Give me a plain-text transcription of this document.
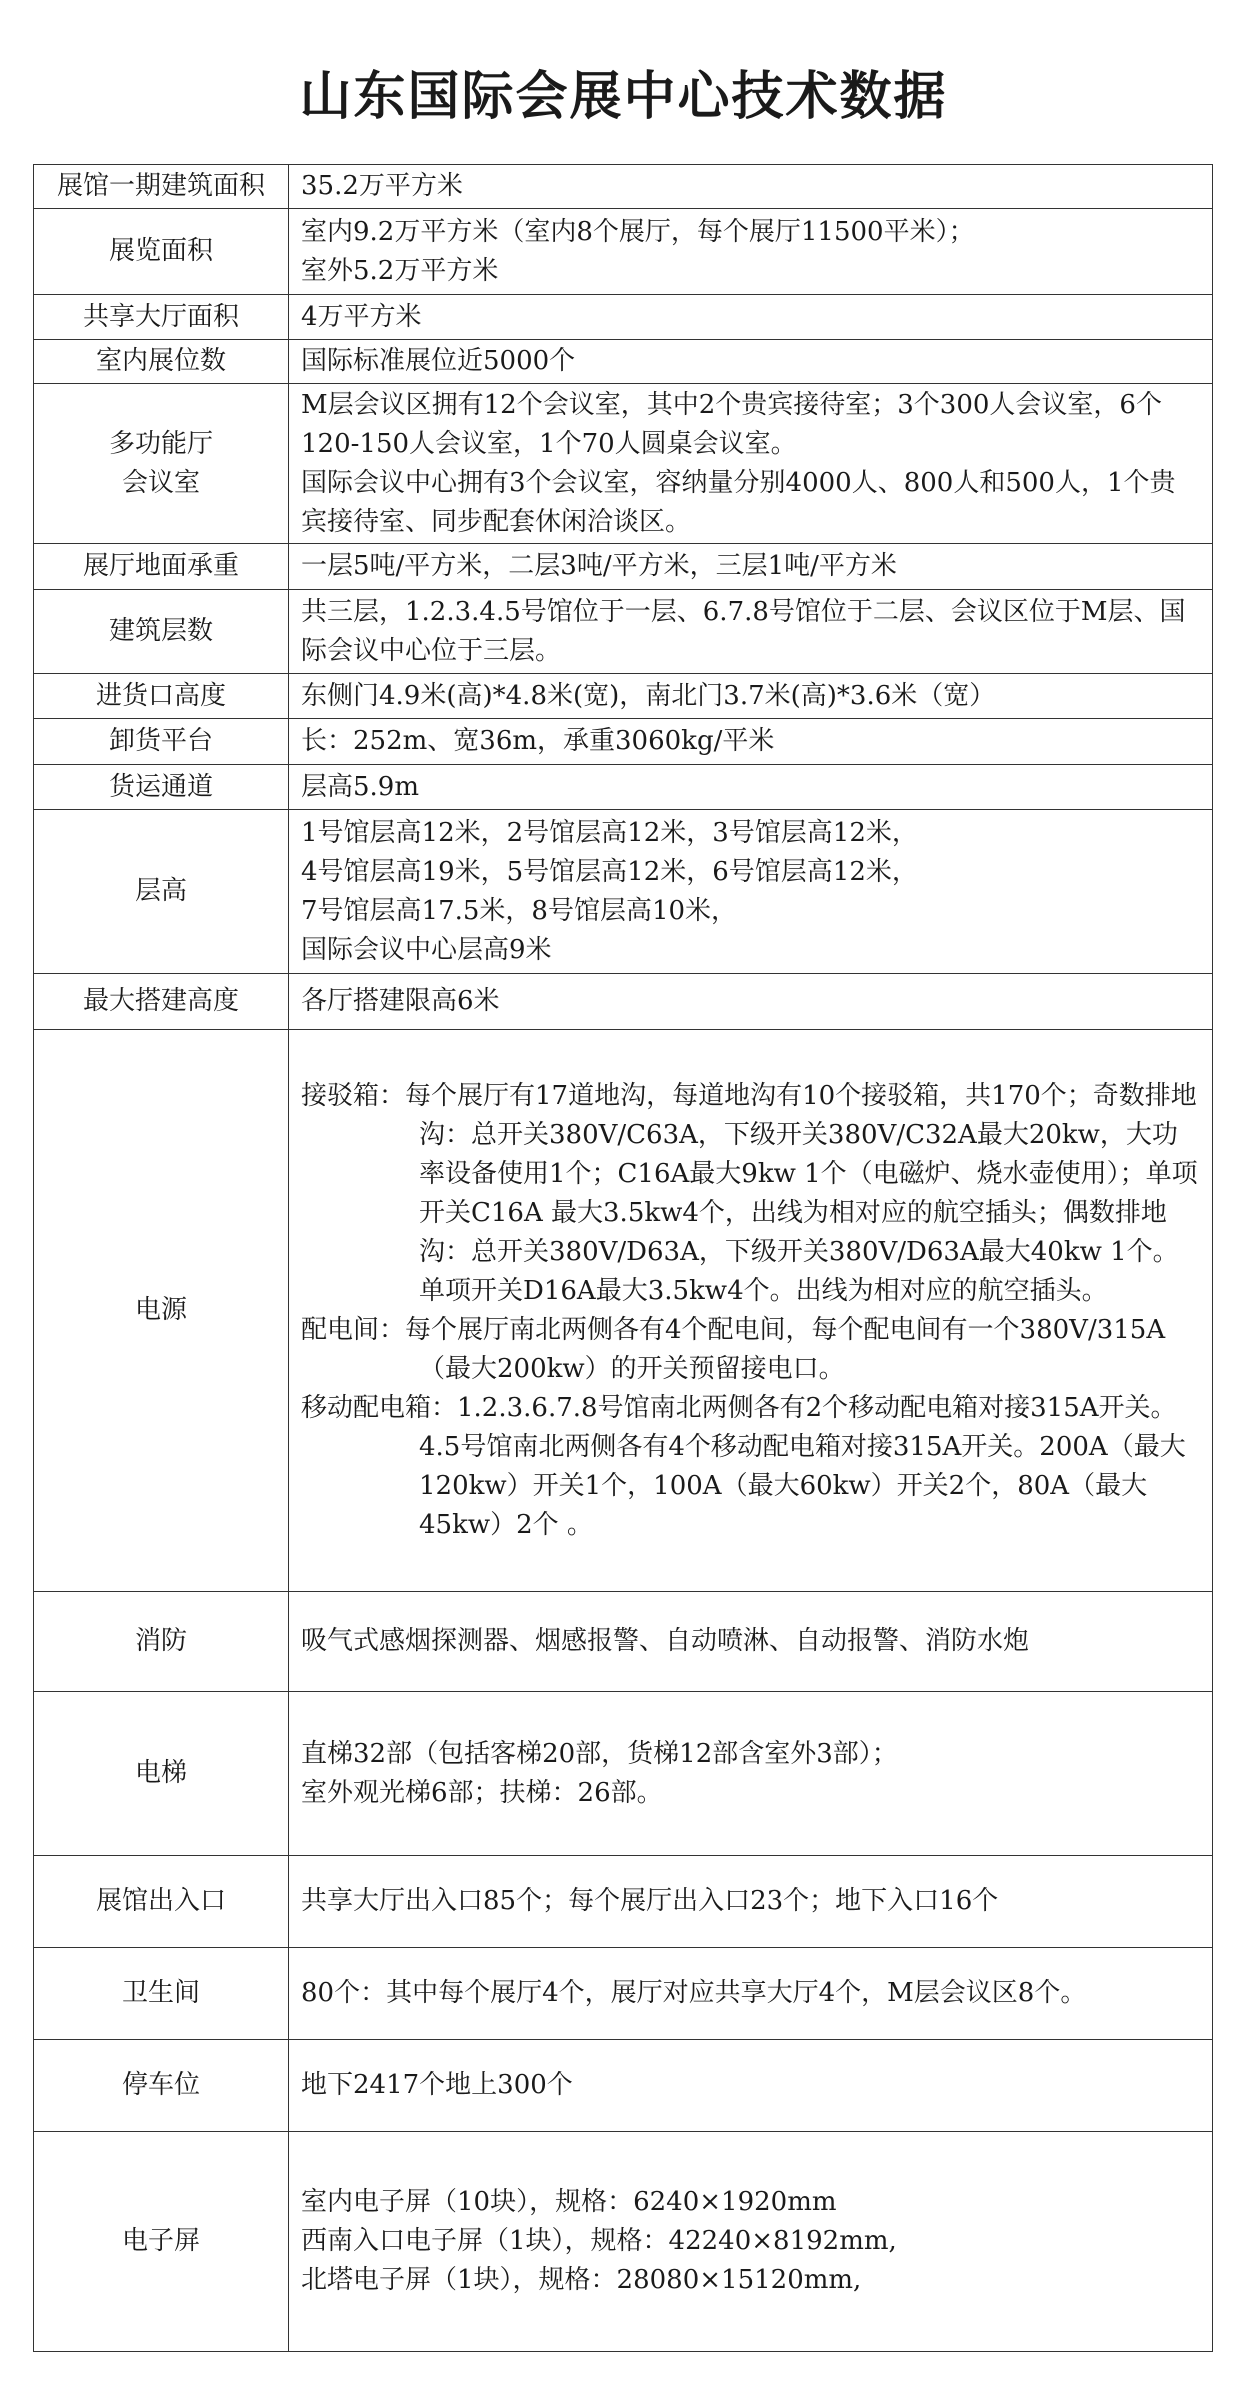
山东国际会展中心技术数据
展馆一期建筑面积	35.2万平方米

展览面积	室内9.2万平方米（室内8个展厅，每个展厅11500平米）；
室外5.2万平方米

共享大厅面积	4万平方米

室内展位数	国际标准展位近5000个

多功能厅
会议室	M层会议区拥有12个会议室，其中2个贵宾接待室；3个300人会议室，6个120-150人会议室，1个70人圆桌会议室。
国际会议中心拥有3个会议室，容纳量分别4000人、800人和500人，1个贵宾接待室、同步配套休闲洽谈区。

展厅地面承重	一层5吨/平方米，二层3吨/平方米，三层1吨/平方米

建筑层数	共三层，1.2.3.4.5号馆位于一层、6.7.8号馆位于二层、会议区位于M层、国际会议中心位于三层。

进货口高度	东侧门4.9米(高)*4.8米(宽)，南北门3.7米(高)*3.6米（宽）

卸货平台	长：252m、宽36m，承重3060kg/平米

货运通道	层高5.9m

层高	1号馆层高12米，2号馆层高12米，3号馆层高12米，
4号馆层高19米，5号馆层高12米，6号馆层高12米，
7号馆层高17.5米，8号馆层高10米，
国际会议中心层高9米

最大搭建高度	各厅搭建限高6米

电源	接驳箱：每个展厅有17道地沟，每道地沟有10个接驳箱，共170个；奇数排地沟：总开关380V/C63A，下级开关380V/C32A最大20kw，大功率设备使用1个；C16A最大9kw 1个（电磁炉、烧水壶使用）；单项开关C16A 最大3.5kw4个，出线为相对应的航空插头；偶数排地沟：总开关380V/D63A，下级开关380V/D63A最大40kw 1个。单项开关D16A最大3.5kw4个。出线为相对应的航空插头。
配电间：每个展厅南北两侧各有4个配电间，每个配电间有一个380V/315A（最大200kw）的开关预留接电口。
移动配电箱：1.2.3.6.7.8号馆南北两侧各有2个移动配电箱对接315A开关。4.5号馆南北两侧各有4个移动配电箱对接315A开关。200A（最大120kw）开关1个，100A（最大60kw）开关2个，80A（最大45kw）2个 。

消防	吸气式感烟探测器、烟感报警、自动喷淋、自动报警、消防水炮

电梯	直梯32部（包括客梯20部，货梯12部含室外3部）；
室外观光梯6部；扶梯：26部。

展馆出入口	共享大厅出入口85个；每个展厅出入口23个；地下入口16个

卫生间	80个：其中每个展厅4个，展厅对应共享大厅4个，M层会议区8个。

停车位	地下2417个地上300个

电子屏	室内电子屏（10块），规格：6240×1920mm
西南入口电子屏（1块），规格：42240×8192mm,
北塔电子屏（1块），规格：28080×15120mm,
